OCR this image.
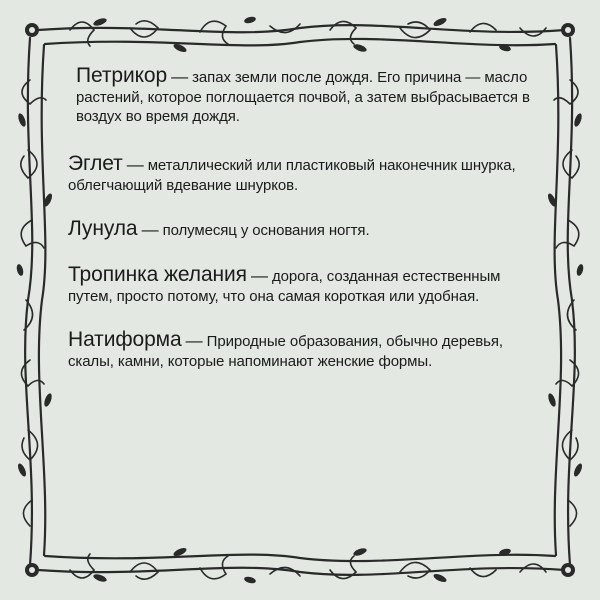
Петрикор — запах земли после дождя. Его причина — масло растений, которое поглощается почвой, а затем выбрасывается в воздух во время дождя.
Эглет — металлический или пластиковый наконечник шнурка, облегчающий вдевание шнурков.
Лунула — полумесяц у основания ногтя.
Тропинка желания — дорога, созданная естественным путем, просто потому, что она самая короткая или удобная.
Натиформа — Природные образования, обычно деревья, скалы, камни, которые напоминают женские формы.
